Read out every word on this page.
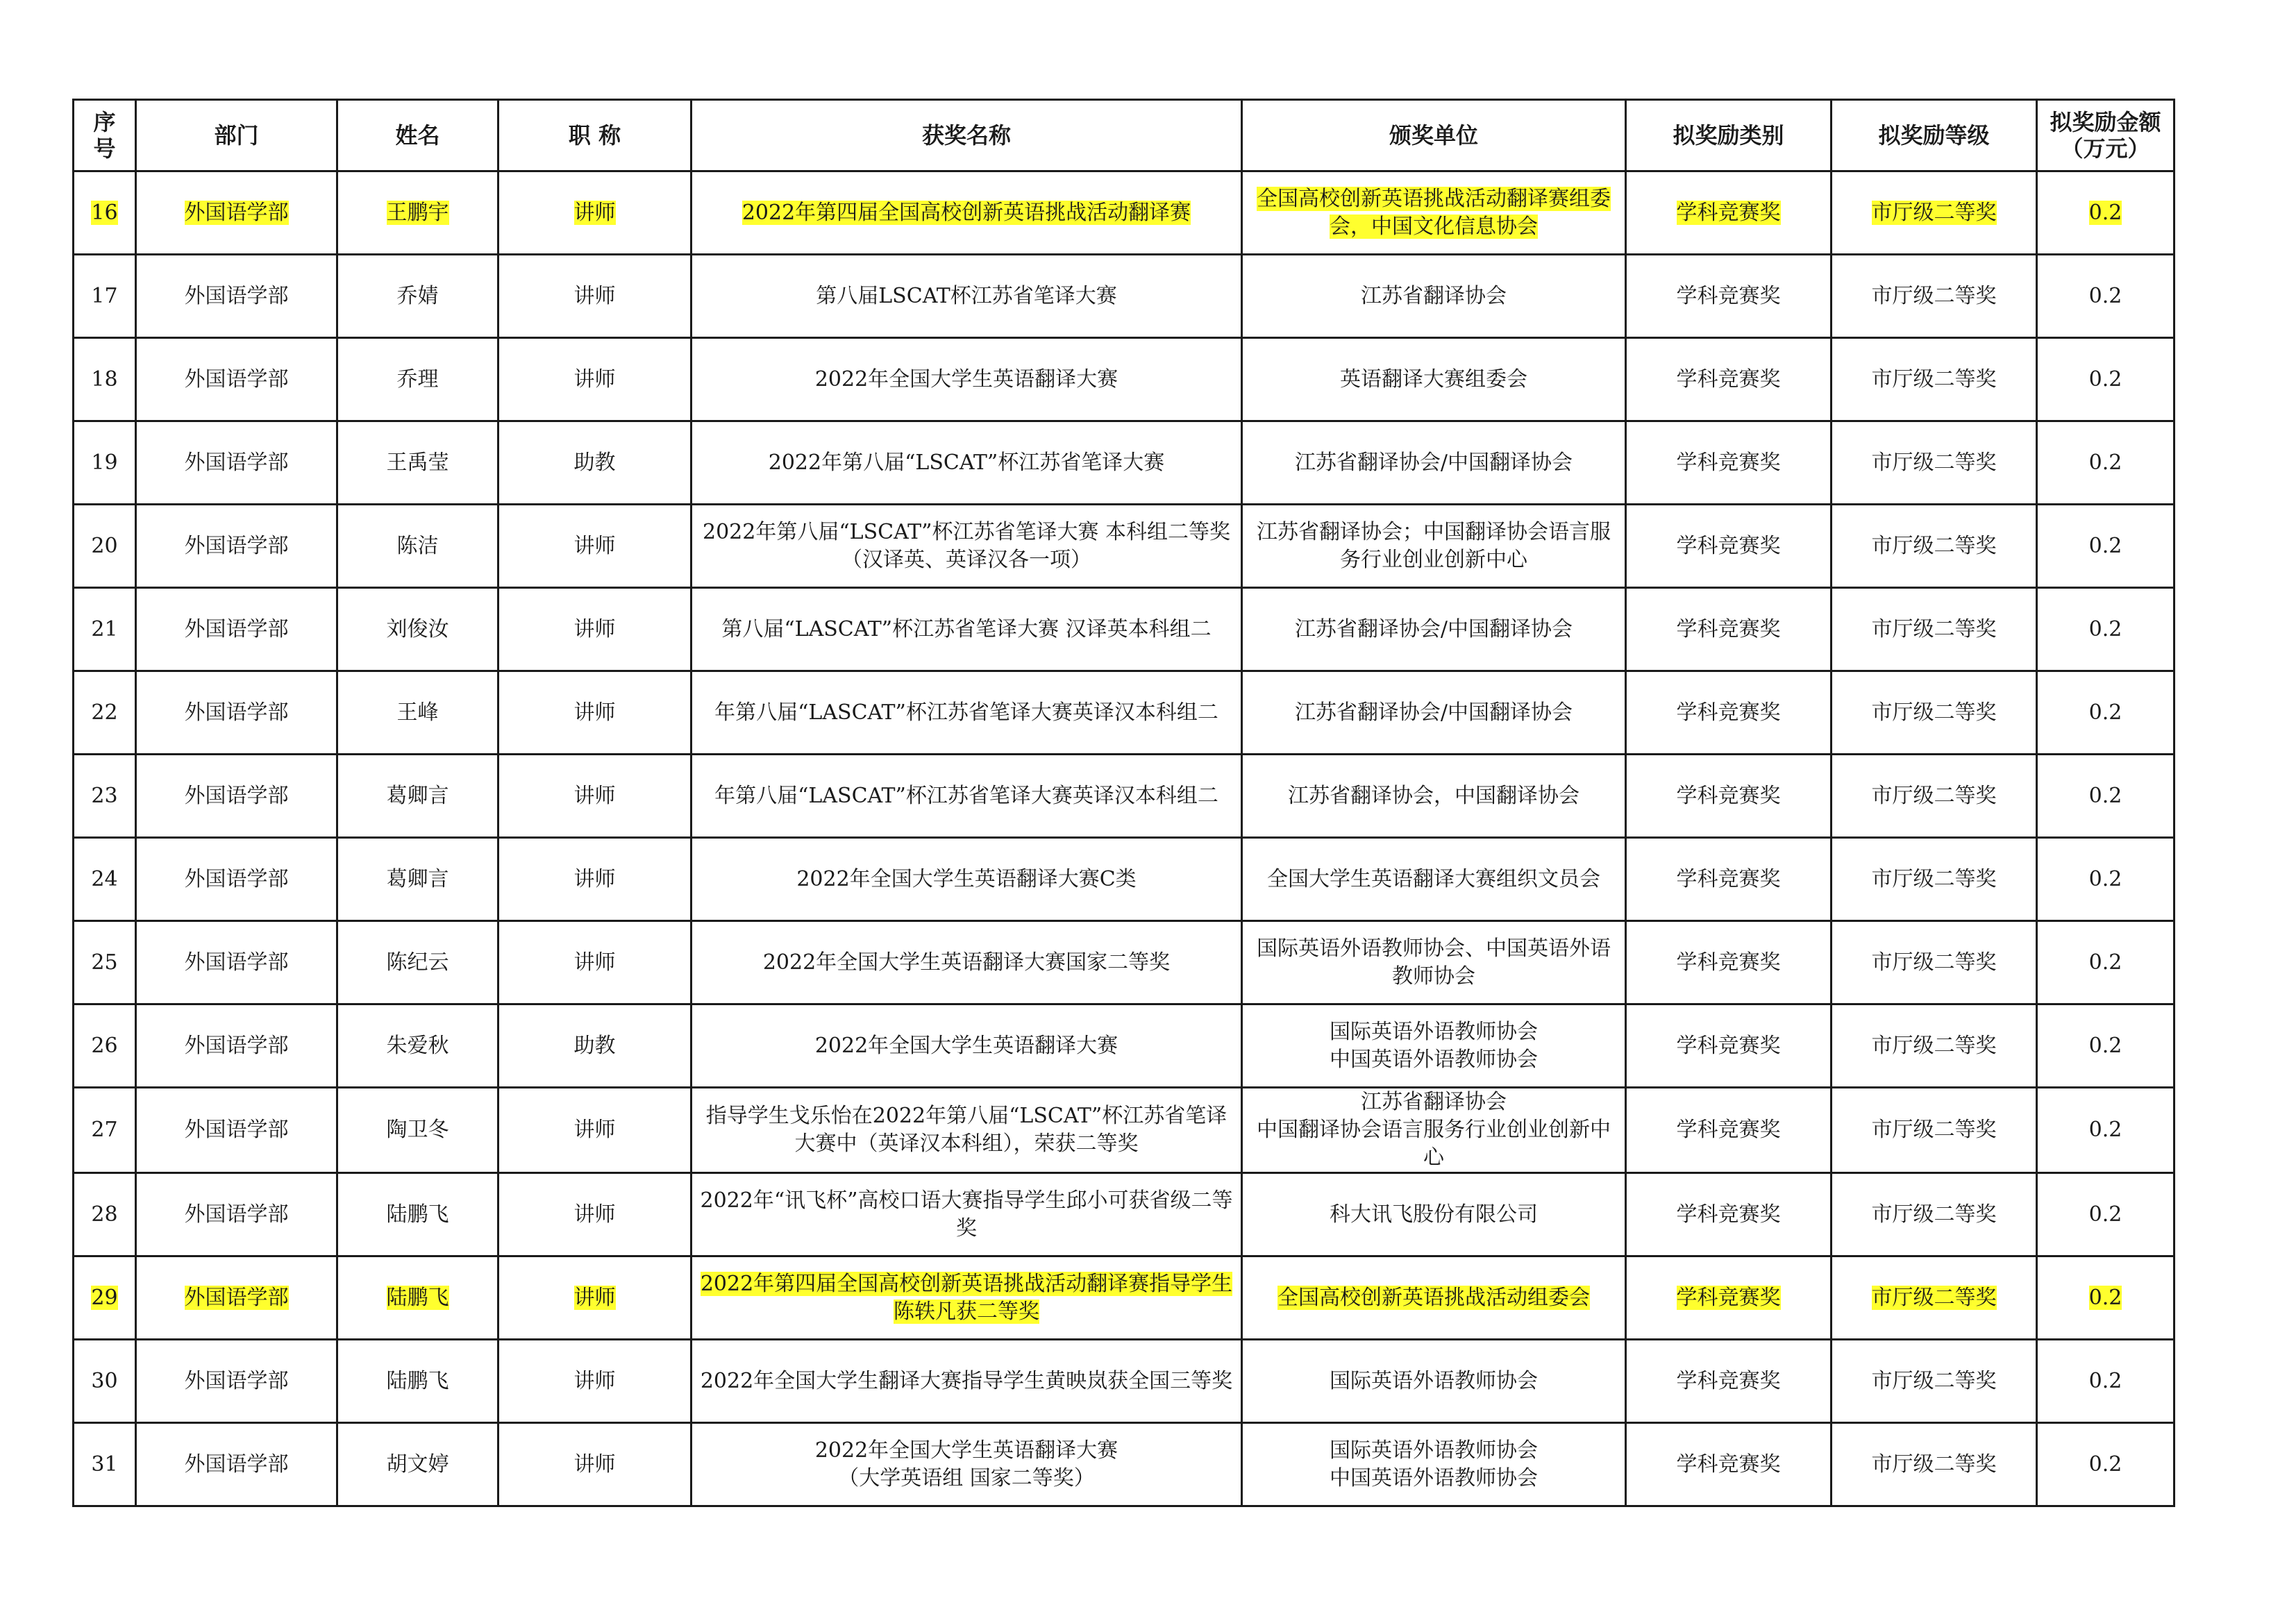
序 号	部门	姓名	职 称	获奖名称	颁奖单位	拟奖励类别	拟奖励等级	拟奖励金额
（万元）
16	外国语学部	王鹏宇	讲师	2022年第四届全国高校创新英语挑战活动翻译赛	全国高校创新英语挑战活动翻译赛组委会，中国文化信息协会	学科竞赛奖	市厅级二等奖	0.2
17	外国语学部	乔婧	讲师	第八届LSCAT杯江苏省笔译大赛	江苏省翻译协会	学科竞赛奖	市厅级二等奖	0.2
18	外国语学部	乔理	讲师	2022年全国大学生英语翻译大赛	英语翻译大赛组委会	学科竞赛奖	市厅级二等奖	0.2
19	外国语学部	王禹莹	助教	2022年第八届“LSCAT”杯江苏省笔译大赛	江苏省翻译协会/中国翻译协会	学科竞赛奖	市厅级二等奖	0.2
20	外国语学部	陈洁	讲师	2022年第八届“LSCAT”杯江苏省笔译大赛 本科组二等奖（汉译英、英译汉各一项）	江苏省翻译协会；中国翻译协会语言服务行业创业创新中心	学科竞赛奖	市厅级二等奖	0.2
21	外国语学部	刘俊汝	讲师	第八届“LASCAT”杯江苏省笔译大赛 汉译英本科组二	江苏省翻译协会/中国翻译协会	学科竞赛奖	市厅级二等奖	0.2
22	外国语学部	王峰	讲师	年第八届“LASCAT”杯江苏省笔译大赛英译汉本科组二	江苏省翻译协会/中国翻译协会	学科竞赛奖	市厅级二等奖	0.2
23	外国语学部	葛卿言	讲师	年第八届“LASCAT”杯江苏省笔译大赛英译汉本科组二	江苏省翻译协会，中国翻译协会	学科竞赛奖	市厅级二等奖	0.2
24	外国语学部	葛卿言	讲师	2022年全国大学生英语翻译大赛C类	全国大学生英语翻译大赛组织文员会	学科竞赛奖	市厅级二等奖	0.2
25	外国语学部	陈纪云	讲师	2022年全国大学生英语翻译大赛国家二等奖	国际英语外语教师协会、中国英语外语教师协会	学科竞赛奖	市厅级二等奖	0.2
26	外国语学部	朱爱秋	助教	2022年全国大学生英语翻译大赛	国际英语外语教师协会
中国英语外语教师协会	学科竞赛奖	市厅级二等奖	0.2
27	外国语学部	陶卫冬	讲师	指导学生戈乐怡在2022年第八届“LSCAT”杯江苏省笔译大赛中（英译汉本科组），荣获二等奖	江苏省翻译协会
中国翻译协会语言服务行业创业创新中心	学科竞赛奖	市厅级二等奖	0.2
28	外国语学部	陆鹏飞	讲师	2022年“讯飞杯”高校口语大赛指导学生邱小可获省级二等奖	科大讯飞股份有限公司	学科竞赛奖	市厅级二等奖	0.2
29	外国语学部	陆鹏飞	讲师	2022年第四届全国高校创新英语挑战活动翻译赛指导学生陈轶凡获二等奖	全国高校创新英语挑战活动组委会	学科竞赛奖	市厅级二等奖	0.2
30	外国语学部	陆鹏飞	讲师	2022年全国大学生翻译大赛指导学生黄映岚获全国三等奖	国际英语外语教师协会	学科竞赛奖	市厅级二等奖	0.2
31	外国语学部	胡文婷	讲师	2022年全国大学生英语翻译大赛
（大学英语组 国家二等奖）	国际英语外语教师协会
中国英语外语教师协会	学科竞赛奖	市厅级二等奖	0.2
